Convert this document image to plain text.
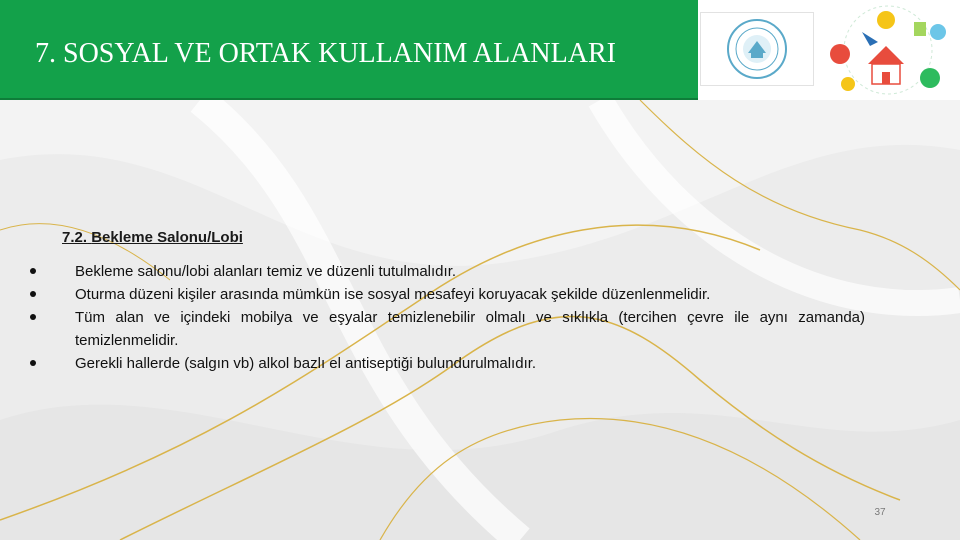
7. SOSYAL VE ORTAK KULLANIM ALANLARI
7.2. Bekleme Salonu/Lobi
Bekleme salonu/lobi alanları temiz ve düzenli tutulmalıdır.
Oturma düzeni kişiler arasında mümkün ise sosyal mesafeyi koruyacak şekilde düzenlenmelidir.
Tüm alan ve içindeki mobilya ve eşyalar temizlenebilir olmalı ve sıklıkla (tercihen çevre ile aynı zamanda) temizlenmelidir.
Gerekli hallerde (salgın vb) alkol bazlı el antiseptiği bulundurulmalıdır.
37
